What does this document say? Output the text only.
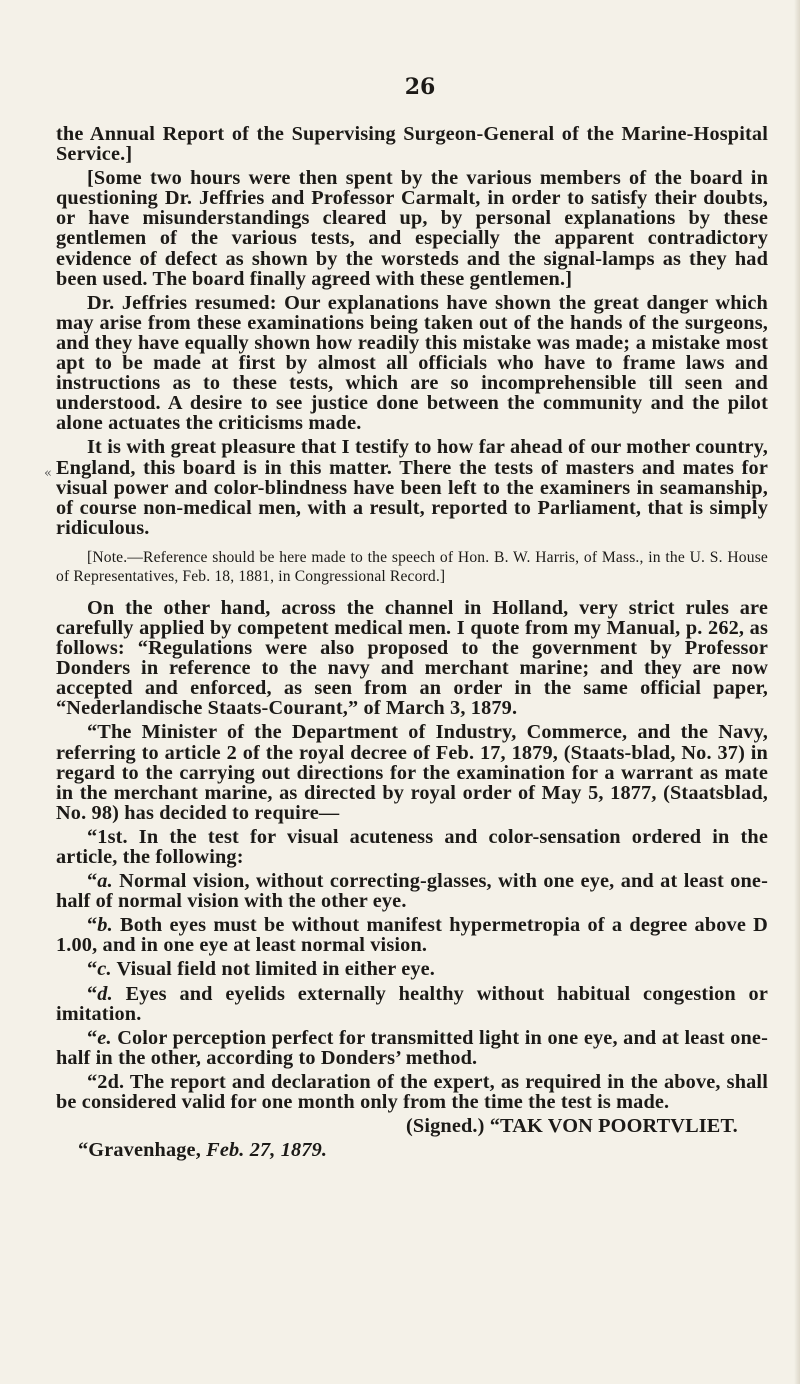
26
«

the Annual Report of the Supervising Surgeon-General of the Marine-Hospital Service.]

[Some two hours were then spent by the various members of the board in questioning Dr. Jeffries and Professor Carmalt, in order to satisfy their doubts, or have misunderstandings cleared up, by personal explanations by these gentlemen of the various tests, and especially the apparent contradictory evidence of defect as shown by the worsteds and the signal-lamps as they had been used. The board finally agreed with these gentlemen.]

Dr. Jeffries resumed: Our explanations have shown the great danger which may arise from these examinations being taken out of the hands of the surgeons, and they have equally shown how readily this mistake was made; a mistake most apt to be made at first by almost all officials who have to frame laws and instructions as to these tests, which are so incomprehensible till seen and understood. A desire to see justice done between the community and the pilot alone actuates the criticisms made.

It is with great pleasure that I testify to how far ahead of our mother country, England, this board is in this matter. There the tests of masters and mates for visual power and color-blindness have been left to the examiners in seamanship, of course non-medical men, with a result, reported to Parliament, that is simply ridiculous.

[Note.—Reference should be here made to the speech of Hon. B. W. Harris, of Mass., in the U. S. House of Representatives, Feb. 18, 1881, in Congressional Record.]

On the other hand, across the channel in Holland, very strict rules are carefully applied by competent medical men. I quote from my Manual, p. 262, as follows: “Regulations were also proposed to the government by Professor Donders in reference to the navy and merchant marine; and they are now accepted and enforced, as seen from an order in the same official paper, “Nederlandische Staats-Courant,” of March 3, 1879.

“The Minister of the Department of Industry, Commerce, and the Navy, referring to article 2 of the royal decree of Feb. 17, 1879, (Staats-blad, No. 37) in regard to the carrying out directions for the examination for a warrant as mate in the merchant marine, as directed by royal order of May 5, 1877, (Staatsblad, No. 98) has decided to require—

“1st. In the test for visual acuteness and color-sensation ordered in the article, the following:

“a. Normal vision, without correcting-glasses, with one eye, and at least one-half of normal vision with the other eye.

“b. Both eyes must be without manifest hypermetropia of a degree above D 1.00, and in one eye at least normal vision.

“c. Visual field not limited in either eye.

“d. Eyes and eyelids externally healthy without habitual congestion or imitation.

“e. Color perception perfect for transmitted light in one eye, and at least one-half in the other, according to Donders’ method.

“2d. The report and declaration of the expert, as required in the above, shall be considered valid for one month only from the time the test is made.

(Signed.) “TAK VON POORTVLIET.

“Gravenhage, Feb. 27, 1879.
